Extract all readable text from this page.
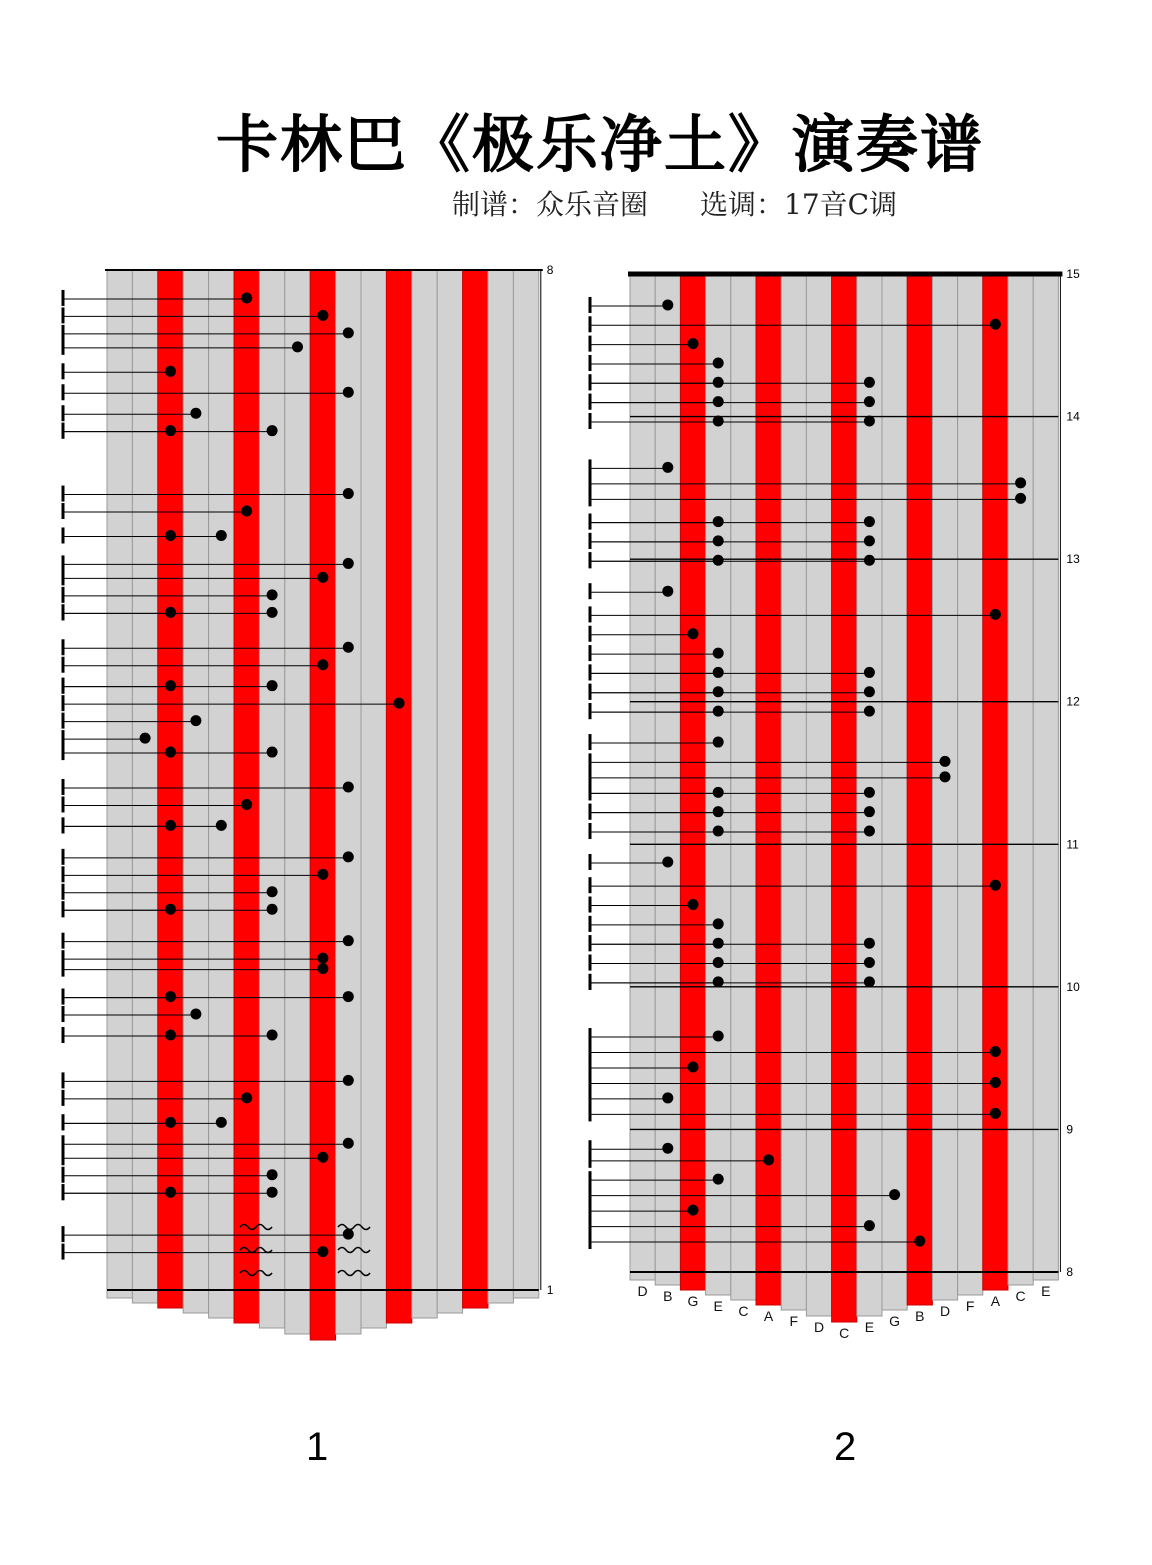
卡林巴《极乐净土》演奏谱
制谱：众乐音圈 选调：17音C调
8
1
15
14
13
12
11
10
9
8
D B G E C A F D C E G B D F A C E
1	2
